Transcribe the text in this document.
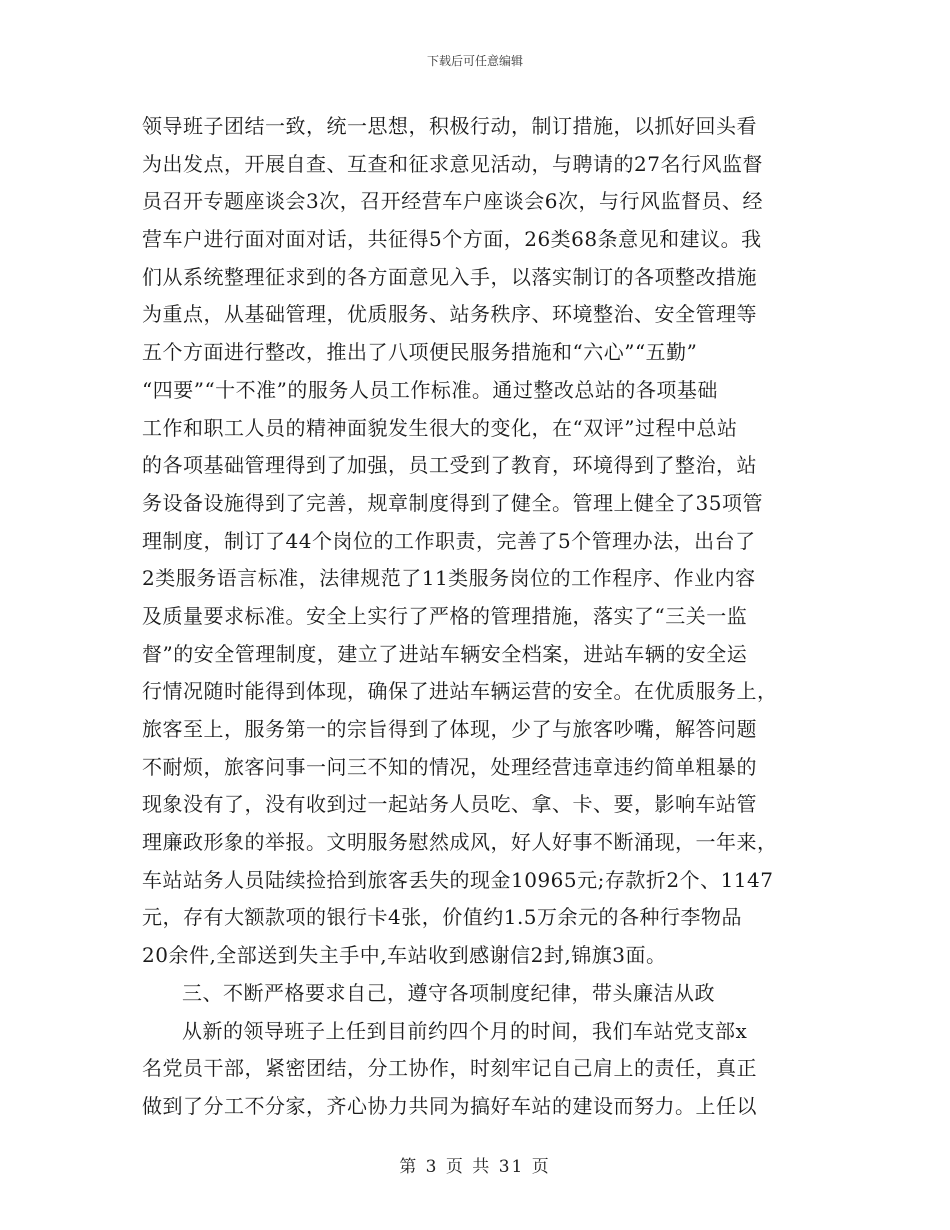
下载后可任意编辑
领导班子团结一致，统一思想，积极行动，制订措施，以抓好回头看
为出发点，开展自查、互查和征求意见活动，与聘请的27名行风监督
员召开专题座谈会3次，召开经营车户座谈会6次，与行风监督员、经
营车户进行面对面对话，共征得5个方面，26类68条意见和建议。我
们从系统整理征求到的各方面意见入手，以落实制订的各项整改措施
为重点，从基础管理，优质服务、站务秩序、环境整治、安全管理等
五个方面进行整改，推出了八项便民服务措施和“六心”“五勤”
“四要”“十不准”的服务人员工作标准。通过整改总站的各项基础
工作和职工人员的精神面貌发生很大的变化，在“双评”过程中总站
的各项基础管理得到了加强，员工受到了教育，环境得到了整治，站
务设备设施得到了完善，规章制度得到了健全。管理上健全了35项管
理制度，制订了44个岗位的工作职责，完善了5个管理办法，出台了
2类服务语言标准，法律规范了11类服务岗位的工作程序、作业内容
及质量要求标准。安全上实行了严格的管理措施，落实了“三关一监
督”的安全管理制度，建立了进站车辆安全档案，进站车辆的安全运
行情况随时能得到体现，确保了进站车辆运营的安全。在优质服务上，
旅客至上，服务第一的宗旨得到了体现，少了与旅客吵嘴，解答问题
不耐烦，旅客问事一问三不知的情况，处理经营违章违约简单粗暴的
现象没有了，没有收到过一起站务人员吃、拿、卡、要，影响车站管
理廉政形象的举报。文明服务慰然成风，好人好事不断涌现，一年来，
车站站务人员陆续捡拾到旅客丢失的现金10965元;存款折2个、1147
元，存有大额款项的银行卡4张，价值约1.5万余元的各种行李物品
20余件,全部送到失主手中,车站收到感谢信2封,锦旗3面。
三、不断严格要求自己，遵守各项制度纪律，带头廉洁从政
从新的领导班子上任到目前约四个月的时间，我们车站党支部x
名党员干部，紧密团结，分工协作，时刻牢记自己肩上的责任，真正
做到了分工不分家，齐心协力共同为搞好车站的建设而努力。上任以
第 3 页 共 31 页
